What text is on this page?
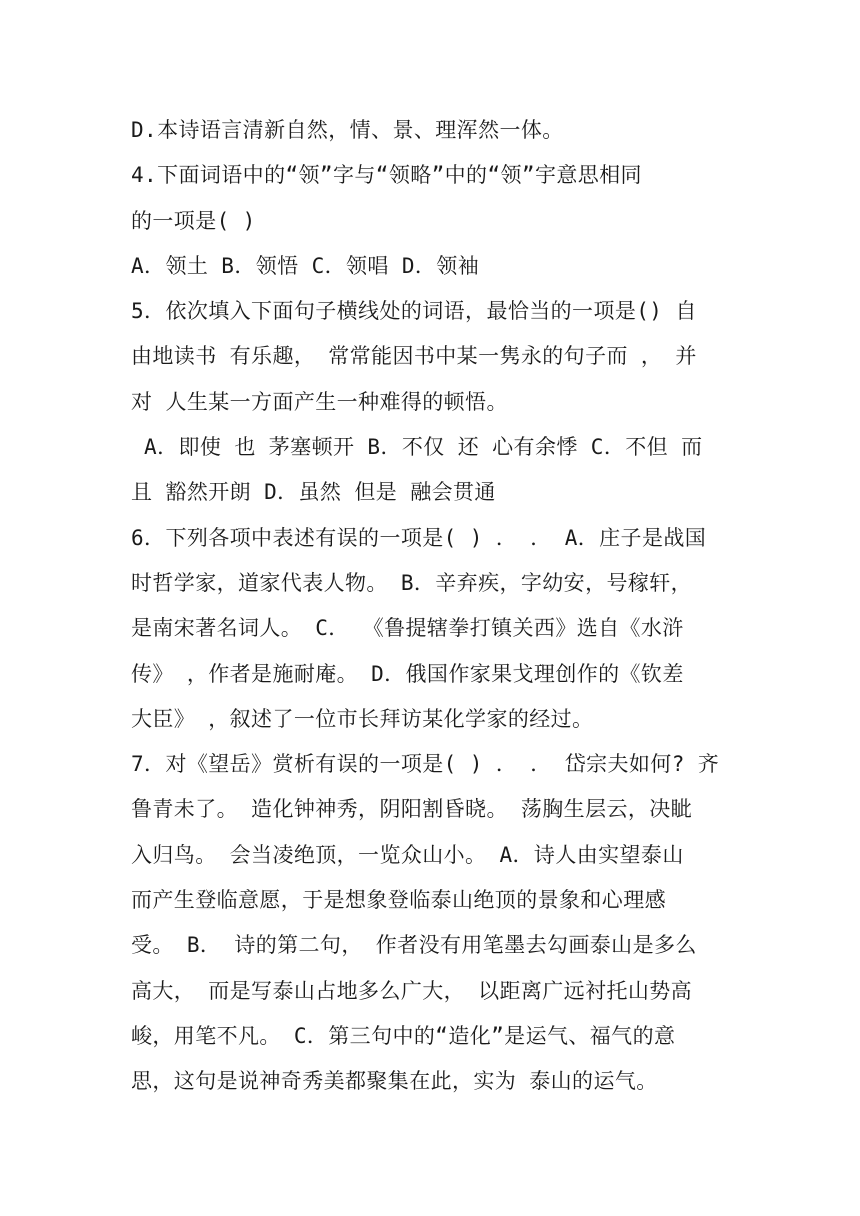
D.本诗语言清新自然，情、景、理浑然一体。
4.下面词语中的“领”字与“领略”中的“领”宇意思相同
的一项是( )
A．领土 B．领悟 C．领唱 D．领袖
5．依次填入下面句子横线处的词语，最恰当的一项是() 自
由地读书 有乐趣， 常常能因书中某一隽永的句子而 ， 并
对 人生某一方面产生一种难得的顿悟。
A．即使 也 茅塞顿开 B．不仅 还 心有余悸 C．不但 而
且 豁然开朗 D．虽然 但是 融会贯通
6．下列各项中表述有误的一项是( ) ． ． A．庄子是战国
时哲学家，道家代表人物。 B．辛弃疾，字幼安，号稼轩，
是南宋著名词人。 C． 《鲁提辖拳打镇关西》选自《水浒
传》 ，作者是施耐庵。 D．俄国作家果戈理创作的《钦差
大臣》 ，叙述了一位市长拜访某化学家的经过。
7．对《望岳》赏析有误的一项是( ) ． ． 岱宗夫如何? 齐
鲁青未了。 造化钟神秀，阴阳割昏晓。 荡胸生层云，决眦
入归鸟。 会当凌绝顶，一览众山小。 A．诗人由实望泰山
而产生登临意愿，于是想象登临泰山绝顶的景象和心理感
受。 B． 诗的第二句， 作者没有用笔墨去勾画泰山是多么
高大， 而是写泰山占地多么广大， 以距离广远衬托山势高
峻，用笔不凡。 C．第三句中的“造化”是运气、福气的意
思，这句是说神奇秀美都聚集在此，实为 泰山的运气。
